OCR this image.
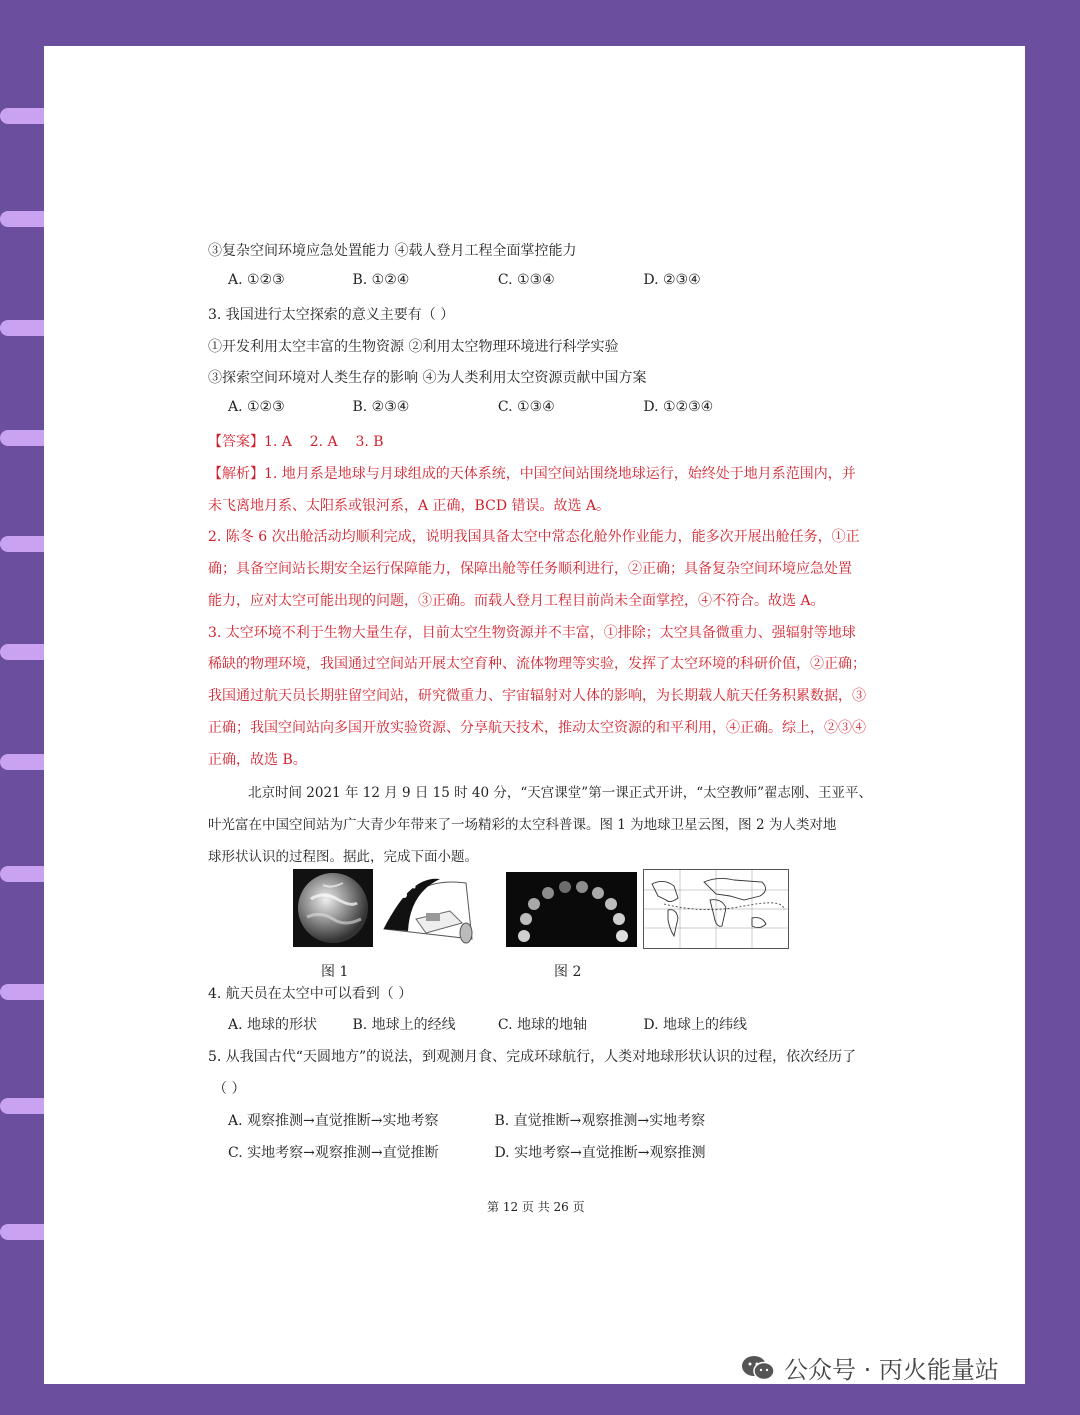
③复杂空间环境应急处置能力 ④载人登月工程全面掌控能力
A. ①②③	B. ①②④	C. ①③④	D. ②③④
3. 我国进行太空探索的意义主要有（ ）
①开发利用太空丰富的生物资源 ②利用太空物理环境进行科学实验
③探索空间环境对人类生存的影响 ④为人类利用太空资源贡献中国方案
A. ①②③	B. ②③④	C. ①③④	D. ①②③④
【答案】1. A    2. A    3. B
【解析】1. 地月系是地球与月球组成的天体系统，中国空间站围绕地球运行，始终处于地月系范围内，并
未飞离地月系、太阳系或银河系，A 正确，BCD 错误。故选 A。
2. 陈冬 6 次出舱活动均顺利完成，说明我国具备太空中常态化舱外作业能力，能多次开展出舱任务，①正
确；具备空间站长期安全运行保障能力，保障出舱等任务顺利进行，②正确；具备复杂空间环境应急处置
能力，应对太空可能出现的问题，③正确。而载人登月工程目前尚未全面掌控，④不符合。故选 A。
3. 太空环境不利于生物大量生存，目前太空生物资源并不丰富，①排除；太空具备微重力、强辐射等地球
稀缺的物理环境，我国通过空间站开展太空育种、流体物理等实验，发挥了太空环境的科研价值，②正确；
我国通过航天员长期驻留空间站，研究微重力、宇宙辐射对人体的影响，为长期载人航天任务积累数据，③
正确；我国空间站向多国开放实验资源、分享航天技术，推动太空资源的和平利用，④正确。综上，②③④
正确，故选 B。
北京时间 2021 年 12 月 9 日 15 时 40 分，“天宫课堂”第一课正式开讲，“太空教师”翟志刚、王亚平、
叶光富在中国空间站为广大青少年带来了一场精彩的太空科普课。图 1 为地球卫星云图，图 2 为人类对地
球形状认识的过程图。据此，完成下面小题。
图 1	图 2
4. 航天员在太空中可以看到（ ）
A. 地球的形状	B. 地球上的经线	C. 地球的地轴	D. 地球上的纬线
5. 从我国古代“天圆地方”的说法，到观测月食、完成环球航行，人类对地球形状认识的过程，依次经历了
（ ）
A. 观察推测→直觉推断→实地考察	B. 直觉推断→观察推测→实地考察
C. 实地考察→观察推测→直觉推断	D. 实地考察→直觉推断→观察推测
第 12 页 共 26 页
公众号 · 丙火能量站
